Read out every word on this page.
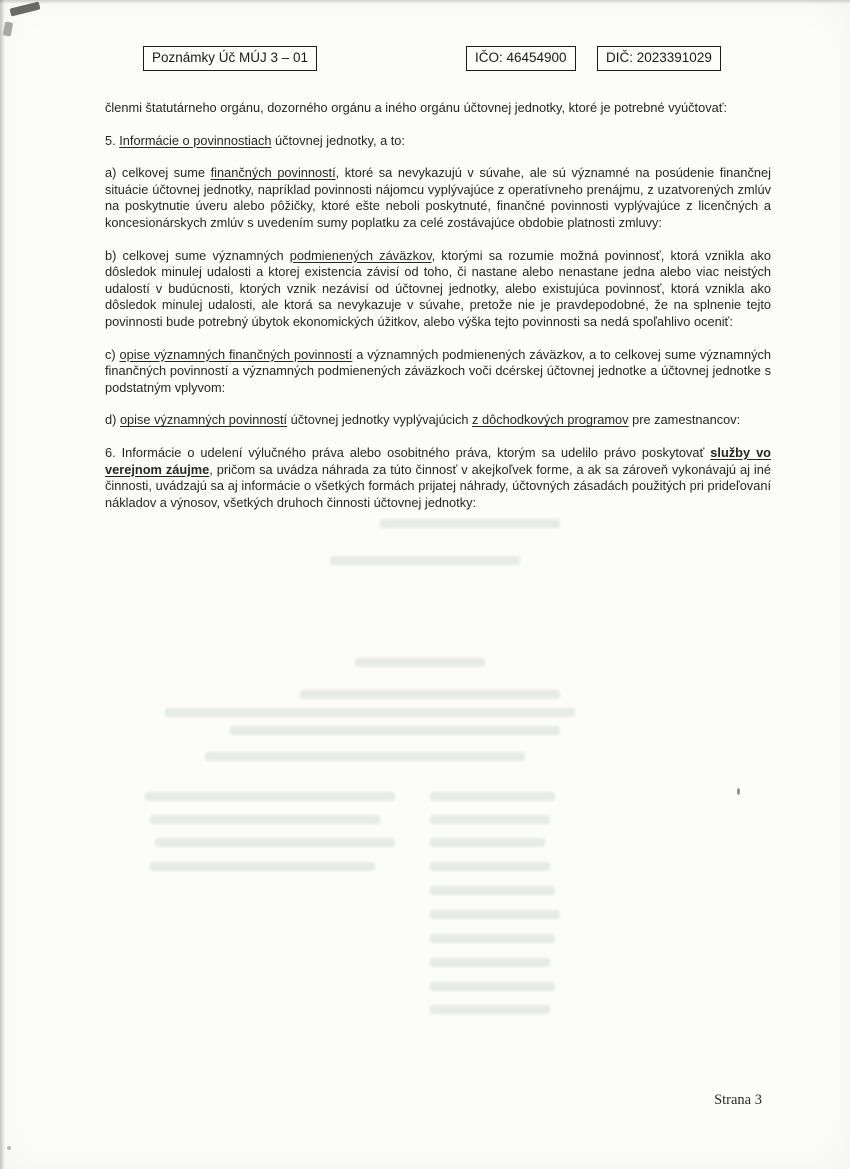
Poznámky Úč MÚJ 3 – 01	IČO: 46454900	DIČ: 2023391029

členmi štatutárneho orgánu, dozorného orgánu a iného orgánu účtovnej jednotky, ktoré je potrebné vyúčtovať:

5. Informácie o povinnostiach účtovnej jednotky, a to:

a) celkovej sume finančných povinností, ktoré sa nevykazujú v súvahe, ale sú významné na posúdenie finančnej situácie účtovnej jednotky, napríklad povinnosti nájomcu vyplývajúce z operatívneho prenájmu, z uzatvorených zmlúv na poskytnutie úveru alebo pôžičky, ktoré ešte neboli poskytnuté, finančné povinnosti vyplývajúce z licenčných a koncesionárskych zmlúv s uvedením sumy poplatku za celé zostávajúce obdobie platnosti zmluvy:

b) celkovej sume významných podmienených záväzkov, ktorými sa rozumie možná povinnosť, ktorá vznikla ako dôsledok minulej udalosti a ktorej existencia závisí od toho, či nastane alebo nenastane jedna alebo viac neistých udalostí v budúcnosti, ktorých vznik nezávisí od účtovnej jednotky, alebo existujúca povinnosť, ktorá vznikla ako dôsledok minulej udalosti, ale ktorá sa nevykazuje v súvahe, pretože nie je pravdepodobné, že na splnenie tejto povinnosti bude potrebný úbytok ekonomických úžitkov, alebo výška tejto povinnosti sa nedá spoľahlivo oceniť:

c) opise významných finančných povinností a významných podmienených záväzkov, a to celkovej sume významných finančných povinností a významných podmienených záväzkoch voči dcérskej účtovnej jednotke a účtovnej jednotke s podstatným vplyvom:

d) opise významných povinností účtovnej jednotky vyplývajúcich z dôchodkových programov pre zamestnancov:

6. Informácie o udelení výlučného práva alebo osobitného práva, ktorým sa udelilo právo poskytovať služby vo verejnom záujme, pričom sa uvádza náhrada za túto činnosť v akejkoľvek forme, a ak sa zároveň vykonávajú aj iné činnosti, uvádzajú sa aj informácie o všetkých formách prijatej náhrady, účtovných zásadách použitých pri prideľovaní nákladov a výnosov, všetkých druhoch činnosti účtovnej jednotky:

Strana 3
